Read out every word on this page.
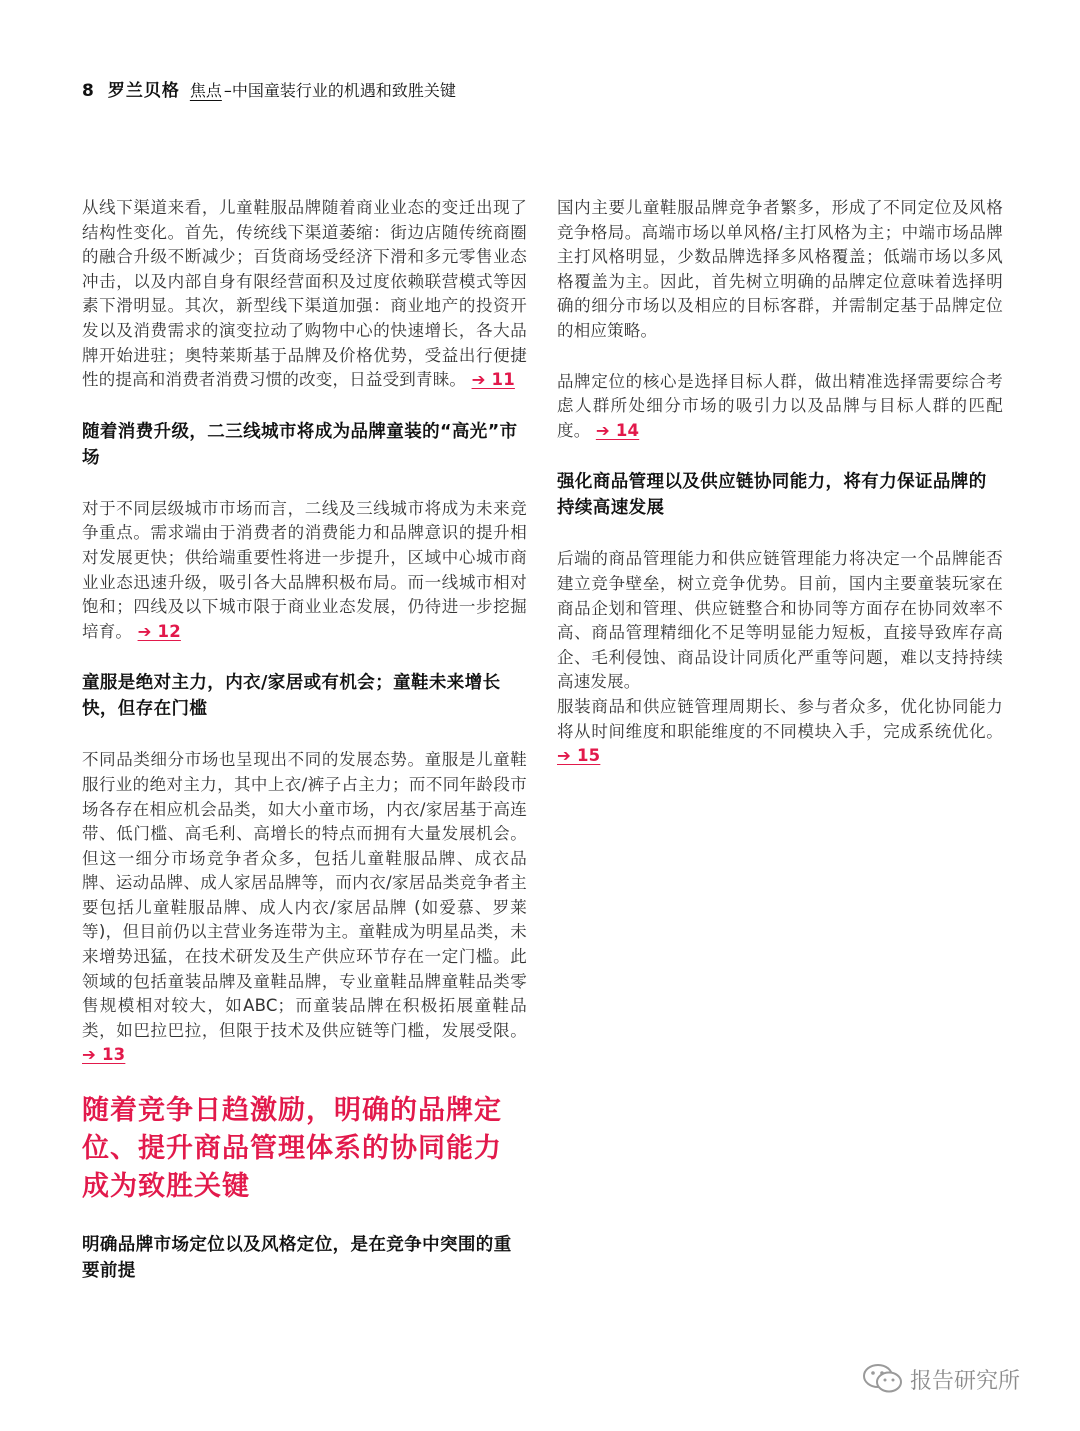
8 罗兰贝格 焦点 –中国童装行业的机遇和致胜关键

从线下渠道来看，儿童鞋服品牌随着商业业态的变迁出现了结构性变化。首先，传统线下渠道萎缩：街边店随传统商圈的融合升级不断减少；百货商场受经济下滑和多元零售业态冲击，以及内部自身有限经营面积及过度依赖联营模式等因素下滑明显。其次，新型线下渠道加强：商业地产的投资开发以及消费需求的演变拉动了购物中心的快速增长，各大品牌开始进驻；奥特莱斯基于品牌及价格优势，受益出行便捷性的提高和消费者消费习惯的改变，日益受到青睐。 ➔ 11

随着消费升级，二三线城市将成为品牌童装的“高光”市场

对于不同层级城市市场而言，二线及三线城市将成为未来竞争重点。需求端由于消费者的消费能力和品牌意识的提升相对发展更快；供给端重要性将进一步提升，区域中心城市商业业态迅速升级，吸引各大品牌积极布局。而一线城市相对饱和；四线及以下城市限于商业业态发展，仍待进一步挖掘培育。 ➔ 12

童服是绝对主力，内衣/家居或有机会；童鞋未来增长快，但存在门槛

不同品类细分市场也呈现出不同的发展态势。童服是儿童鞋服行业的绝对主力，其中上衣/裤子占主力；而不同年龄段市场各存在相应机会品类，如大小童市场，内衣/家居基于高连带、低门槛、高毛利、高增长的特点而拥有大量发展机会。但这一细分市场竞争者众多，包括儿童鞋服品牌、成衣品牌、运动品牌、成人家居品牌等，而内衣/家居品类竞争者主要包括儿童鞋服品牌、成人内衣/家居品牌 (如爱慕、罗莱等)，但目前仍以主营业务连带为主。童鞋成为明星品类，未来增势迅猛，在技术研发及生产供应环节存在一定门槛。此领域的包括童装品牌及童鞋品牌，专业童鞋品牌童鞋品类零售规模相对较大，如ABC；而童装品牌在积极拓展童鞋品类，如巴拉巴拉，但限于技术及供应链等门槛，发展受限。 ➔ 13

随着竞争日趋激励，明确的品牌定位、提升商品管理体系的协同能力成为致胜关键
明确品牌市场定位以及风格定位，是在竞争中突围的重要前提

国内主要儿童鞋服品牌竞争者繁多，形成了不同定位及风格竞争格局。高端市场以单风格/主打风格为主；中端市场品牌主打风格明显，少数品牌选择多风格覆盖；低端市场以多风格覆盖为主。因此，首先树立明确的品牌定位意味着选择明确的细分市场以及相应的目标客群，并需制定基于品牌定位的相应策略。

品牌定位的核心是选择目标人群，做出精准选择需要综合考虑人群所处细分市场的吸引力以及品牌与目标人群的匹配度。 ➔ 14

强化商品管理以及供应链协同能力，将有力保证品牌的持续高速发展

后端的商品管理能力和供应链管理能力将决定一个品牌能否建立竞争壁垒，树立竞争优势。目前，国内主要童装玩家在商品企划和管理、供应链整合和协同等方面存在协同效率不高、商品管理精细化不足等明显能力短板，直接导致库存高企、毛利侵蚀、商品设计同质化严重等问题，难以支持持续高速发展。

服装商品和供应链管理周期长、参与者众多，优化协同能力将从时间维度和职能维度的不同模块入手，完成系统优化。 ➔ 15

报告研究所
